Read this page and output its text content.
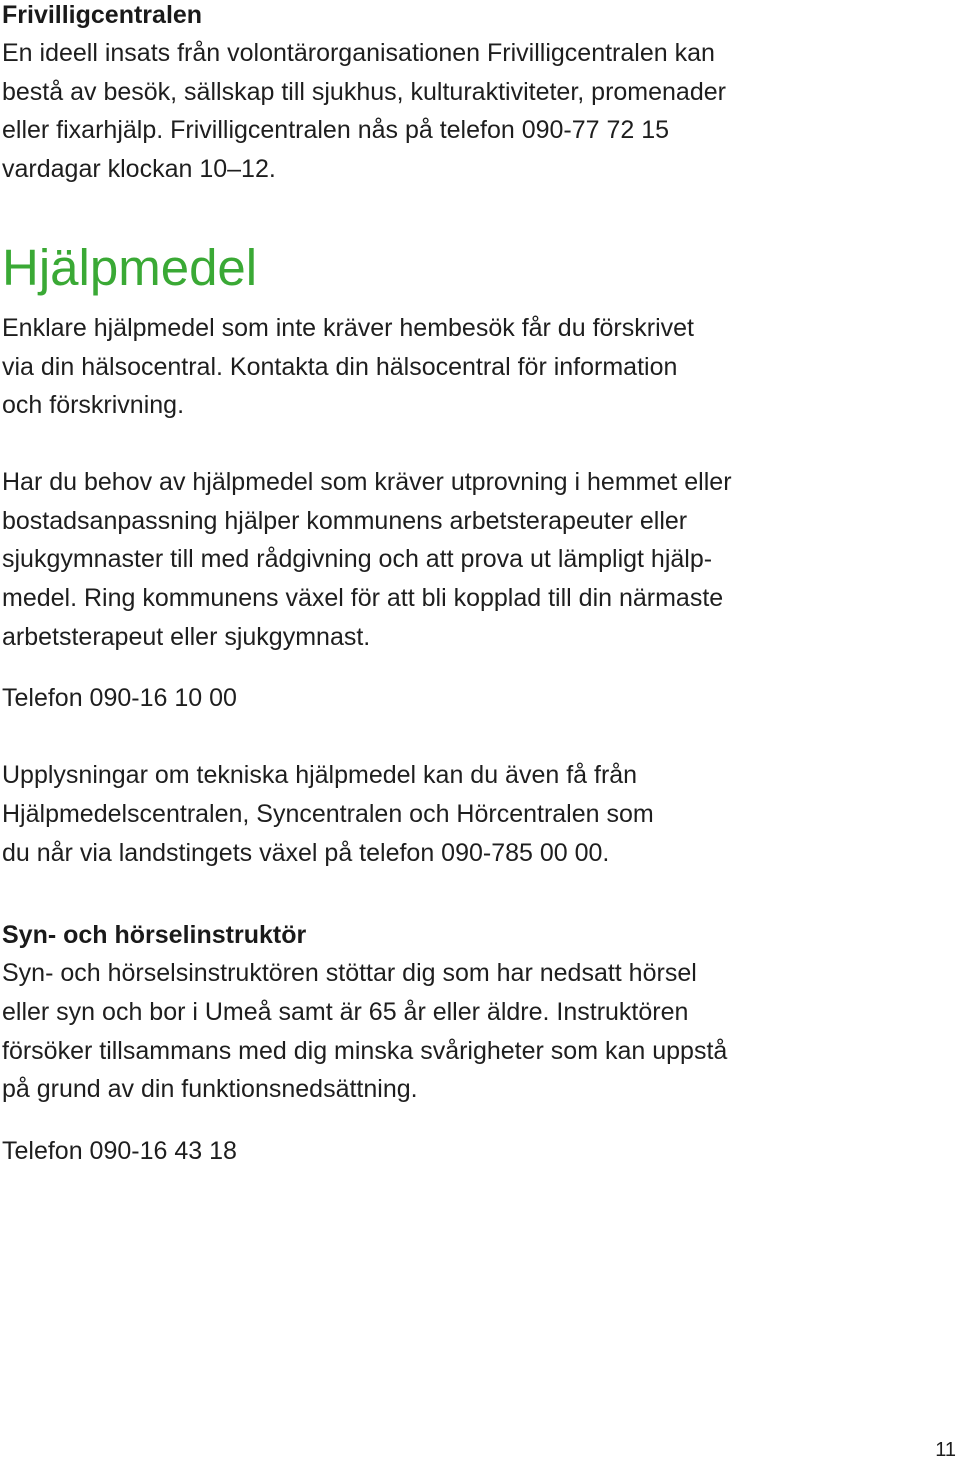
Frivilligcentralen

En ideell insats från volontärorganisationen Frivilligcentralen kan
bestå av besök, sällskap till sjukhus, kulturaktiviteter, promenader
eller fixarhjälp. Frivilligcentralen nås på telefon 090-77 72 15
vardagar klockan 10–12.

Hjälpmedel

Enklare hjälpmedel som inte kräver hembesök får du förskrivet
via din hälsocentral. Kontakta din hälsocentral för information
och förskrivning.

Har du behov av hjälpmedel som kräver utprovning i hemmet eller
bostadsanpassning hjälper kommunens arbetsterapeuter eller
sjukgymnaster till med rådgivning och att prova ut lämpligt hjälp-
medel. Ring kommunens växel för att bli kopplad till din närmaste
arbetsterapeut eller sjukgymnast.

Telefon 090-16 10 00

Upplysningar om tekniska hjälpmedel kan du även få från
Hjälpmedelscentralen, Syncentralen och Hörcentralen som
du når via landstingets växel på telefon 090-785 00 00.

Syn- och hörselinstruktör

Syn- och hörselsinstruktören stöttar dig som har nedsatt hörsel
eller syn och bor i Umeå samt är 65 år eller äldre. Instruktören
försöker tillsammans med dig minska svårigheter som kan uppstå
på grund av din funktionsnedsättning.

Telefon 090-16 43 18

11
